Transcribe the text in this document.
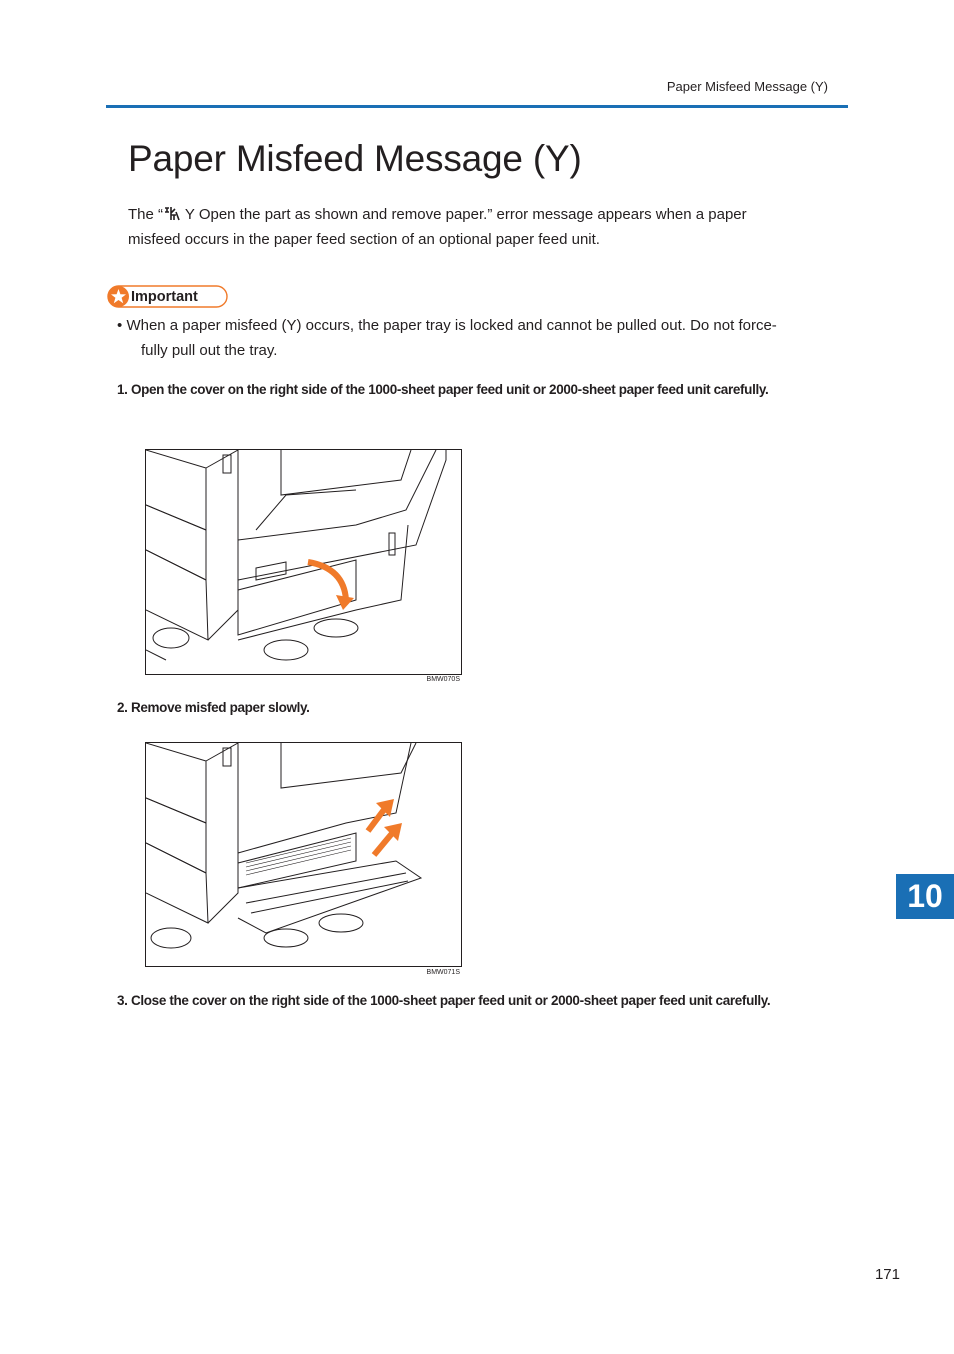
Paper Misfeed Message (Y)
Paper Misfeed Message (Y)
The “ Y Open the part as shown and remove paper.” error message appears when a paper
misfeed occurs in the paper feed section of an optional paper feed unit.
Important
• When a paper misfeed (Y) occurs, the paper tray is locked and cannot be pulled out. Do not force-
fully pull out the tray.
1. Open the cover on the right side of the 1000-sheet paper feed unit or 2000-sheet paper feed unit carefully.
BMW070S
2. Remove misfed paper slowly.
BMW071S
3. Close the cover on the right side of the 1000-sheet paper feed unit or 2000-sheet paper feed unit carefully.
10
171
